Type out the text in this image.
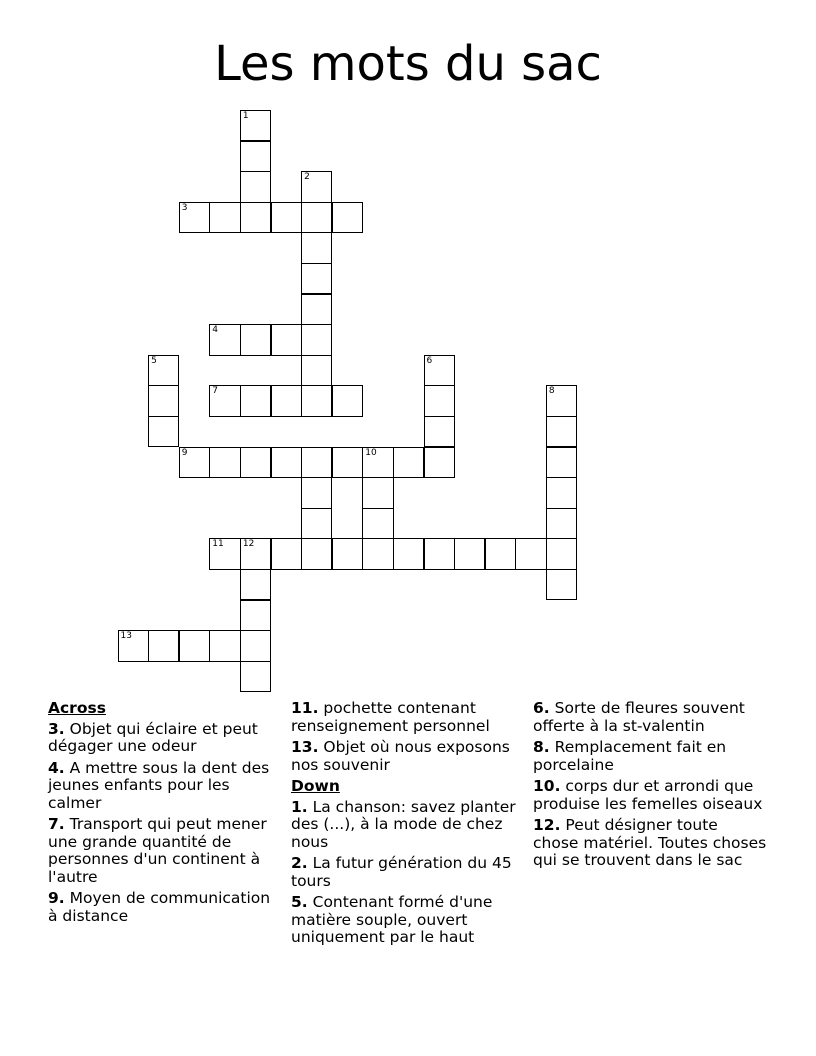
Les mots du sac
1
2
3
4
5	6
7	8
9	10
11 12
13
Across
3. Objet qui éclaire et peut dégager une odeur
4. A mettre sous la dent des jeunes enfants pour les calmer
7. Transport qui peut mener une grande quantité de personnes d'un continent à l'autre
9. Moyen de communication à distance
11. pochette contenant renseignement personnel
13. Objet où nous exposons nos souvenir
Down
1. La chanson: savez planter des (...), à la mode de chez nous
2. La futur génération du 45 tours
5. Contenant formé d'une matière souple, ouvert uniquement par le haut
6. Sorte de fleures souvent offerte à la st-valentin
8. Remplacement fait en porcelaine
10. corps dur et arrondi que produise les femelles oiseaux
12. Peut désigner toute chose matériel. Toutes choses qui se trouvent dans le sac
